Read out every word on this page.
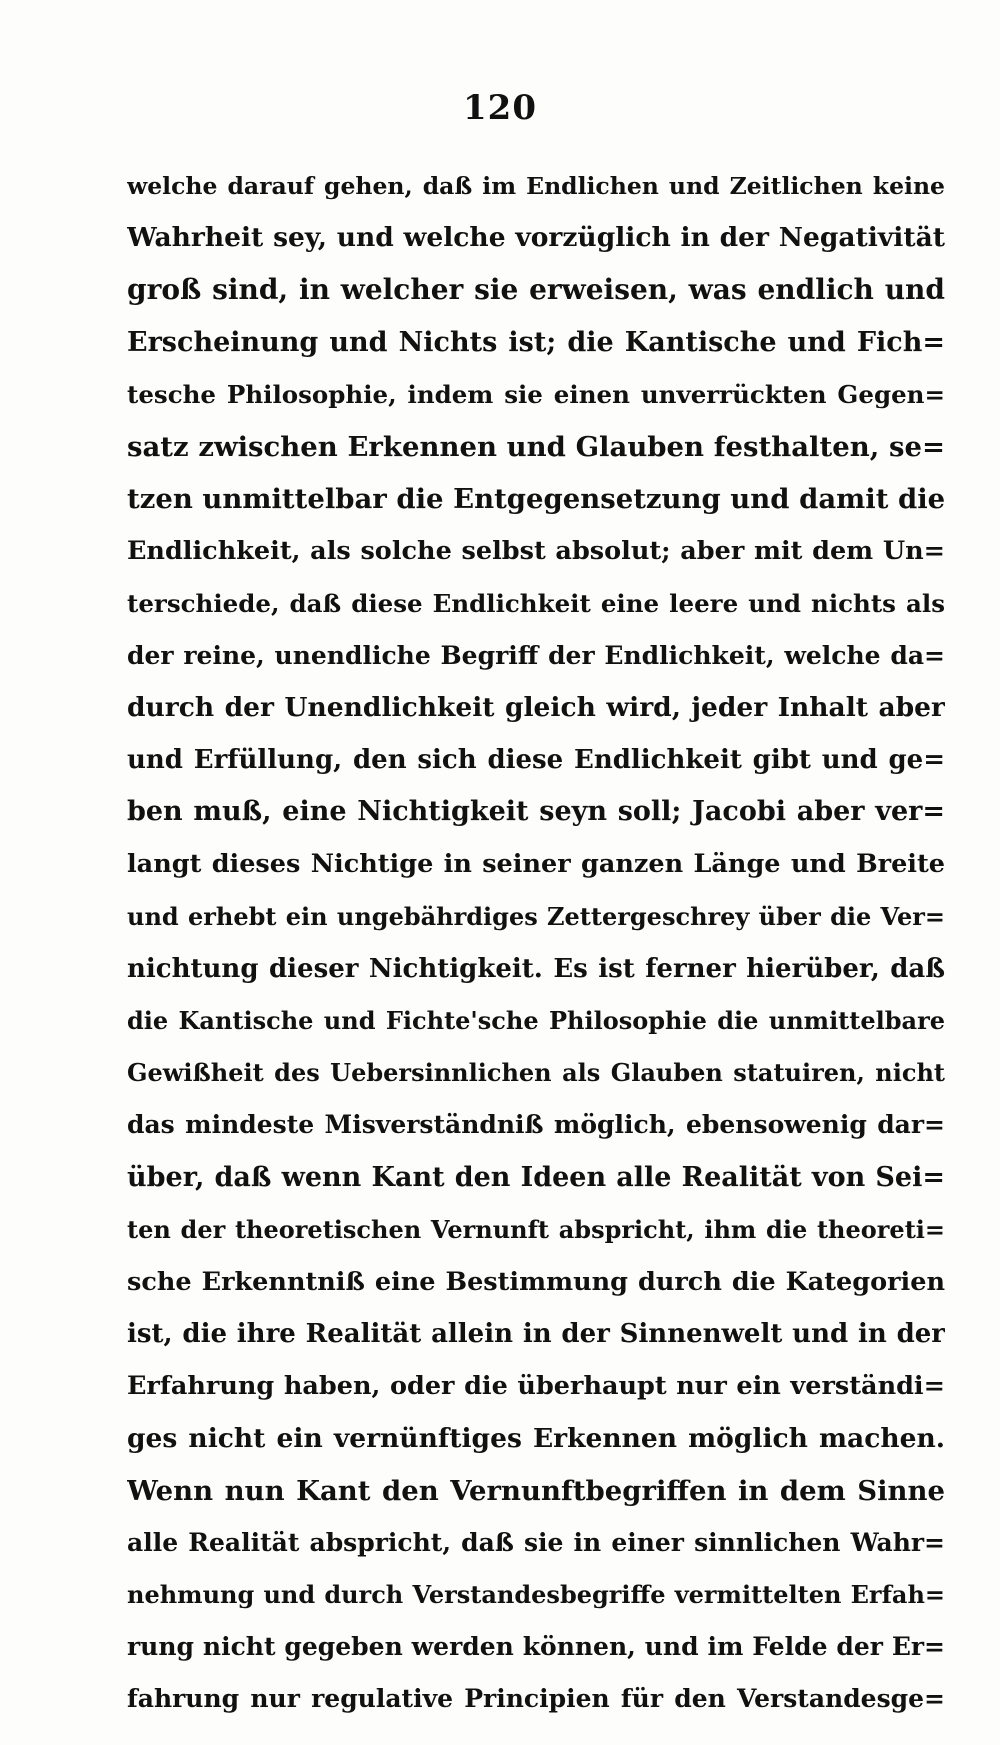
120
welche darauf gehen, daß im Endlichen und Zeitlichen keine
Wahrheit sey, und welche vorzüglich in der Negativität
groß sind, in welcher sie erweisen, was endlich und
Erscheinung und Nichts ist; die Kantische und Fich=
tesche Philosophie, indem sie einen unverrückten Gegen=
satz zwischen Erkennen und Glauben festhalten, se=
tzen unmittelbar die Entgegensetzung und damit die
Endlichkeit, als solche selbst absolut; aber mit dem Un=
terschiede, daß diese Endlichkeit eine leere und nichts als
der reine, unendliche Begriff der Endlichkeit, welche da=
durch der Unendlichkeit gleich wird, jeder Inhalt aber
und Erfüllung, den sich diese Endlichkeit gibt und ge=
ben muß, eine Nichtigkeit seyn soll; Jacobi aber ver=
langt dieses Nichtige in seiner ganzen Länge und Breite
und erhebt ein ungebährdiges Zettergeschrey über die Ver=
nichtung dieser Nichtigkeit. Es ist ferner hierüber, daß
die Kantische und Fichte'sche Philosophie die unmittelbare
Gewißheit des Uebersinnlichen als Glauben statuiren, nicht
das mindeste Misverständniß möglich, ebensowenig dar=
über, daß wenn Kant den Ideen alle Realität von Sei=
ten der theoretischen Vernunft abspricht, ihm die theoreti=
sche Erkenntniß eine Bestimmung durch die Kategorien
ist, die ihre Realität allein in der Sinnenwelt und in der
Erfahrung haben, oder die überhaupt nur ein verständi=
ges nicht ein vernünftiges Erkennen möglich machen.
Wenn nun Kant den Vernunftbegriffen in dem Sinne
alle Realität abspricht, daß sie in einer sinnlichen Wahr=
nehmung und durch Verstandesbegriffe vermittelten Erfah=
rung nicht gegeben werden können, und im Felde der Er=
fahrung nur regulative Principien für den Verstandesge=
